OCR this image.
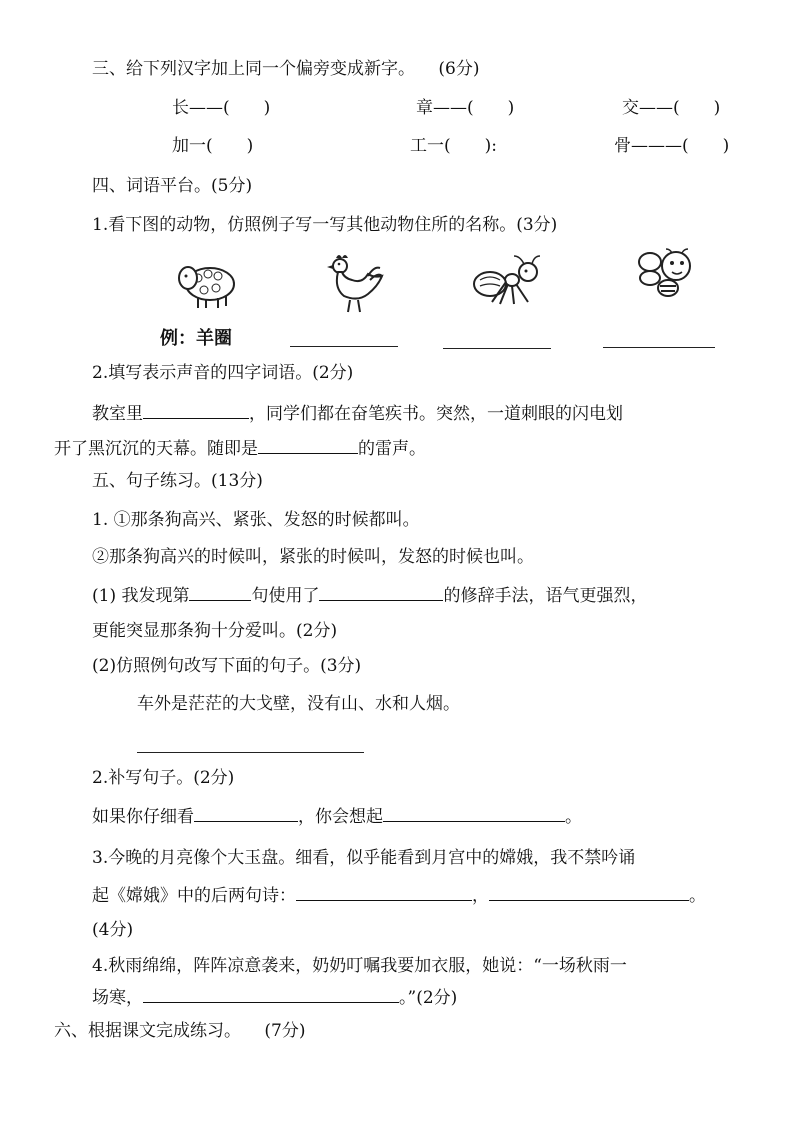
三、给下列汉字加上同一个偏旁变成新字。 (6分)
长——(　　)	章——(　　)	交——(　　)
加一(　　)	工一(　　):	骨———(　　)
四、词语平台。(5分)
1.看下图的动物，仿照例子写一写其他动物住所的名称。(3分)
例：羊圈
2.填写表示声音的四字词语。(2分)
教室里	，同学们都在奋笔疾书。突然，一道刺眼的闪电划
开了黑沉沉的天幕。随即是	的雷声。
五、句子练习。(13分)
1. ①那条狗高兴、紧张、发怒的时候都叫。
②那条狗高兴的时候叫，紧张的时候叫，发怒的时候也叫。
(1) 我发现第	句使用了	的修辞手法，语气更强烈，
更能突显那条狗十分爱叫。(2分)
(2)仿照例句改写下面的句子。(3分)
车外是茫茫的大戈壁，没有山、水和人烟。
2.补写句子。(2分)
如果你仔细看	，你会想起	。
3.今晚的月亮像个大玉盘。细看，似乎能看到月宫中的嫦娥，我不禁吟诵
起《嫦娥》中的后两句诗：	，	。
(4分)
4.秋雨绵绵，阵阵凉意袭来，奶奶叮嘱我要加衣服，她说：“一场秋雨一
场寒，	。”(2分)
六、根据课文完成练习。 (7分)
